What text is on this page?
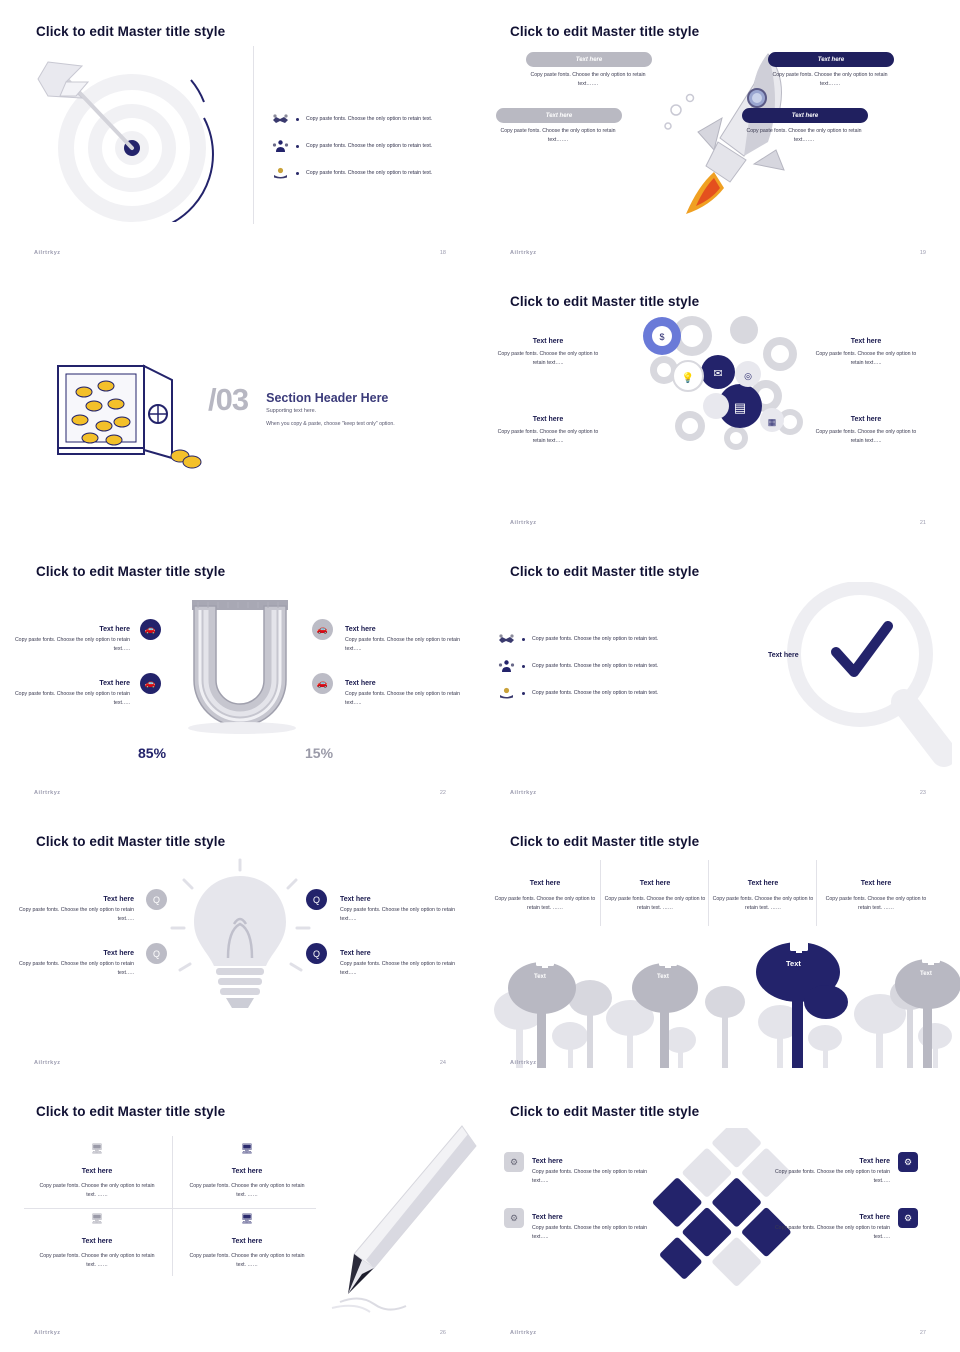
Click to edit Master title style
Copy paste fonts. Choose the only option to retain text.
Copy paste fonts. Choose the only option to retain text.
Copy paste fonts. Choose the only option to retain text.
Ailrtrkyz	18
Click to edit Master title style
Text here
Copy paste fonts. Choose the only option to retain text…….
Text here
Copy paste fonts. Choose the only option to retain text…….
Text here
Copy paste fonts. Choose the only option to retain text…….
Text here
Copy paste fonts. Choose the only option to retain text…….
Ailrtrkyz	19
/03 Section Header Here
Supporting text here.
When you copy & paste, choose "keep text only" option.
Click to edit Master title style
$
✉
💡
▤
◎
▦
Text here
Copy paste fonts. Choose the only option to retain text…..
Text here
Copy paste fonts. Choose the only option to retain text…..
Text here
Copy paste fonts. Choose the only option to retain text…..
Text here
Copy paste fonts. Choose the only option to retain text…..
Ailrtrkyz	21
Click to edit Master title style
Text here
Copy paste fonts. Choose the only option to retain text…..
🚗
Text here
Copy paste fonts. Choose the only option to retain text…..
🚗
🚗	Text here
Copy paste fonts. Choose the only option to retain text…..
🚗	Text here
Copy paste fonts. Choose the only option to retain text…..
85%	15%
Ailrtrkyz	22
Click to edit Master title style
Text here
Copy paste fonts. Choose the only option to retain text.
Copy paste fonts. Choose the only option to retain text.
Copy paste fonts. Choose the only option to retain text.
Ailrtrkyz	23
Click to edit Master title style
Text here
Copy paste fonts. Choose the only option to retain text…..
Q
Text here
Copy paste fonts. Choose the only option to retain text…..
Q
Q	Text here
Copy paste fonts. Choose the only option to retain text…..
Q	Text here
Copy paste fonts. Choose the only option to retain text…..
Ailrtrkyz	24
Click to edit Master title style
Text here
Copy paste fonts. Choose the only option to retain text. ……
Text here
Copy paste fonts. Choose the only option to retain text. ……
Text here
Copy paste fonts. Choose the only option to retain text. ……
Text here
Copy paste fonts. Choose the only option to retain text. ……
Text	Text
Text
Text
Ailrtrkyz
Click to edit Master title style
🖥
Text here
Copy paste fonts. Choose the only option to retain text. ……
🖥
Text here
Copy paste fonts. Choose the only option to retain text. ……
🖥
Text here
Copy paste fonts. Choose the only option to retain text. ……
🖥
Text here
Copy paste fonts. Choose the only option to retain text. ……
Ailrtrkyz	26
Click to edit Master title style
⚙	Text here
Copy paste fonts. Choose the only option to retain text…..
⚙	Text here
Copy paste fonts. Choose the only option to retain text…..
Text here
Copy paste fonts. Choose the only option to retain text…..
⚙
Text here
Copy paste fonts. Choose the only option to retain text…..
⚙
Ailrtrkyz	27
